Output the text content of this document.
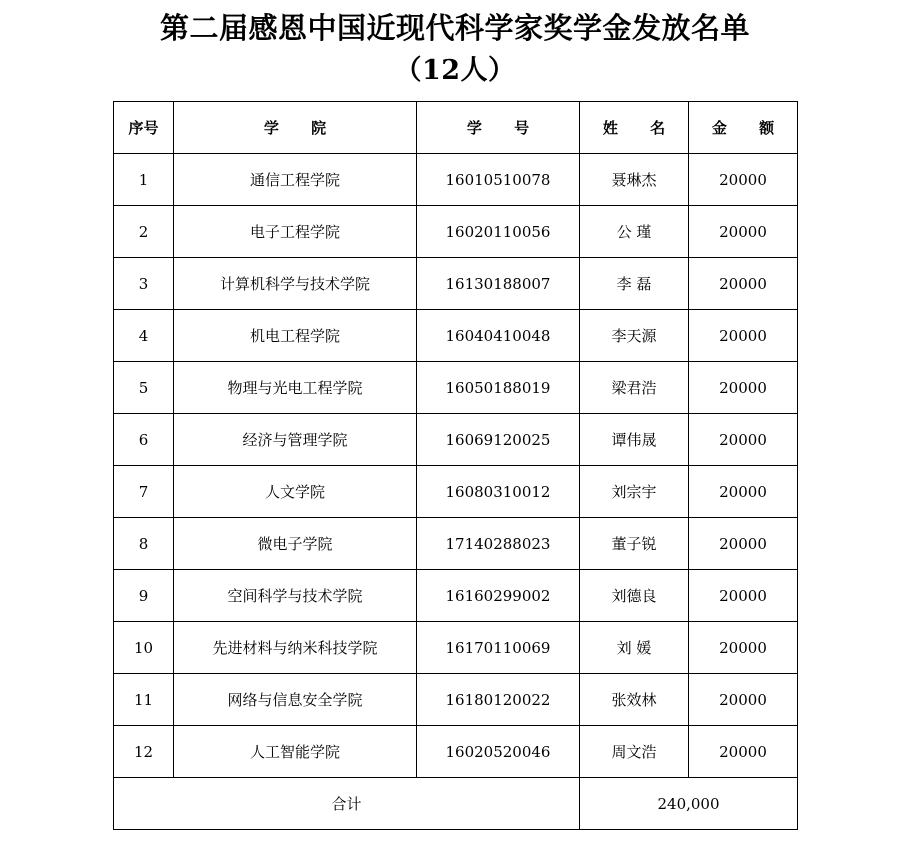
第二届感恩中国近现代科学家奖学金发放名单
（12人）
序号	学 院	学 号	姓 名	金 额
1	通信工程学院	16010510078	聂琳杰	20000
2	电子工程学院	16020110056	公 瑾	20000
3	计算机科学与技术学院	16130188007	李 磊	20000
4	机电工程学院	16040410048	李天源	20000
5	物理与光电工程学院	16050188019	梁君浩	20000
6	经济与管理学院	16069120025	谭伟晟	20000
7	人文学院	16080310012	刘宗宇	20000
8	微电子学院	17140288023	董子锐	20000
9	空间科学与技术学院	16160299002	刘德良	20000
10	先进材料与纳米科技学院	16170110069	刘 媛	20000
11	网络与信息安全学院	16180120022	张效林	20000
12	人工智能学院	16020520046	周文浩	20000
合计			240,000	
